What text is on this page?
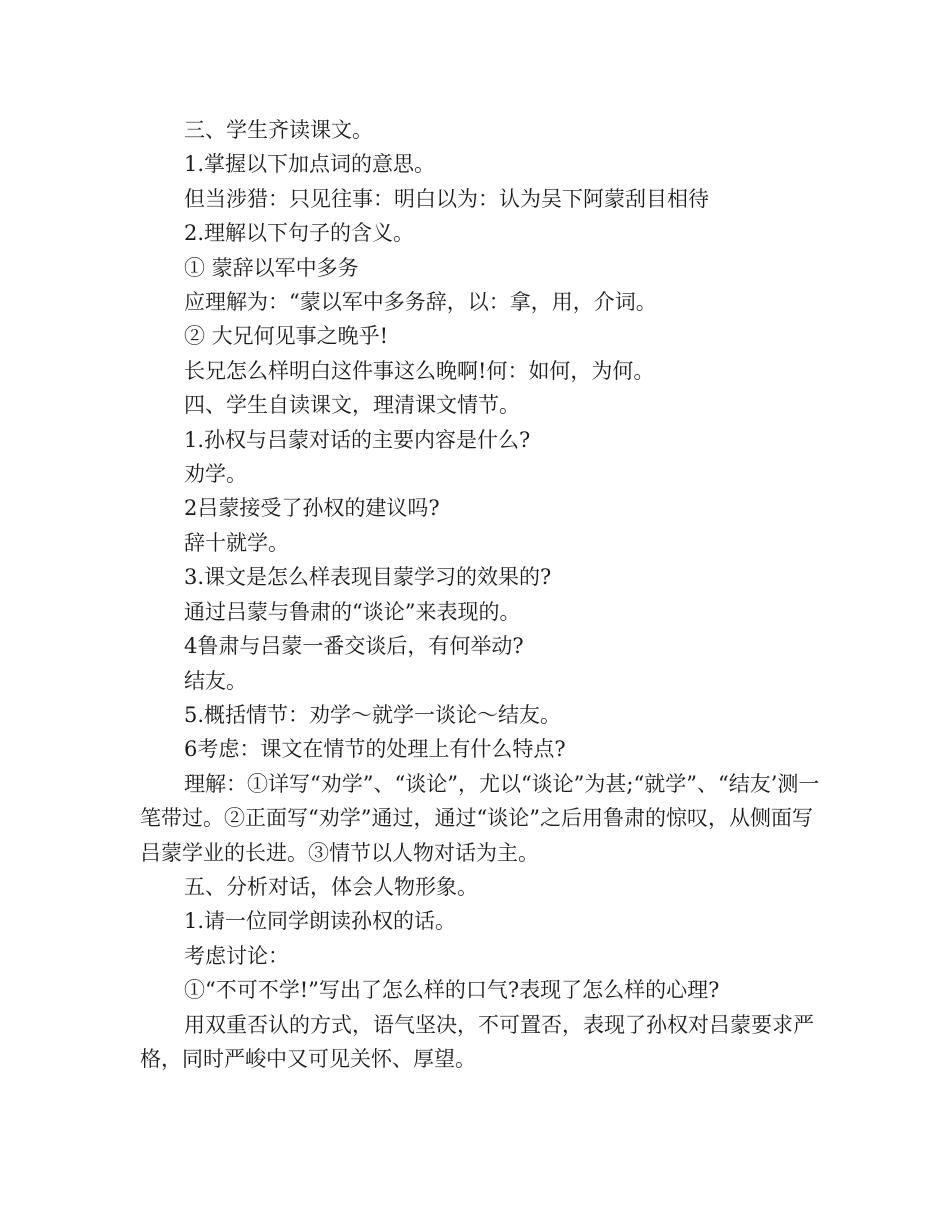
三、学生齐读课文。

1.掌握以下加点词的意思。

但当涉猎：只见往事：明白以为：认为吴下阿蒙刮目相待

2.理解以下句子的含义。

① 蒙辞以军中多务

应理解为：“蒙以军中多务辞，以：拿，用，介词。

② 大兄何见事之晚乎!

长兄怎么样明白这件事这么晚啊!何：如何，为何。

四、学生自读课文，理清课文情节。

1.孙权与吕蒙对话的主要内容是什么?

劝学。

2吕蒙接受了孙权的建议吗?

辞十就学。

3.课文是怎么样表现目蒙学习的效果的?

通过吕蒙与鲁肃的“谈论”来表现的。

4鲁肃与吕蒙一番交谈后，有何举动?

结友。

5.概括情节：劝学～就学一谈论～结友。

6考虑：课文在情节的处理上有什么特点?

理解：①详写“劝学”、“谈论”，尤以“谈论”为甚;“就学”、“结友’测一笔带过。②正面写“劝学”通过，通过“谈论”之后用鲁肃的惊叹，从侧面写吕蒙学业的长进。③情节以人物对话为主。

五、分析对话，体会人物形象。

1.请一位同学朗读孙权的话。

考虑讨论：

①“不可不学!”写出了怎么样的口气?表现了怎么样的心理?

用双重否认的方式，语气坚决，不可置否，表现了孙权对吕蒙要求严格，同时严峻中又可见关怀、厚望。
